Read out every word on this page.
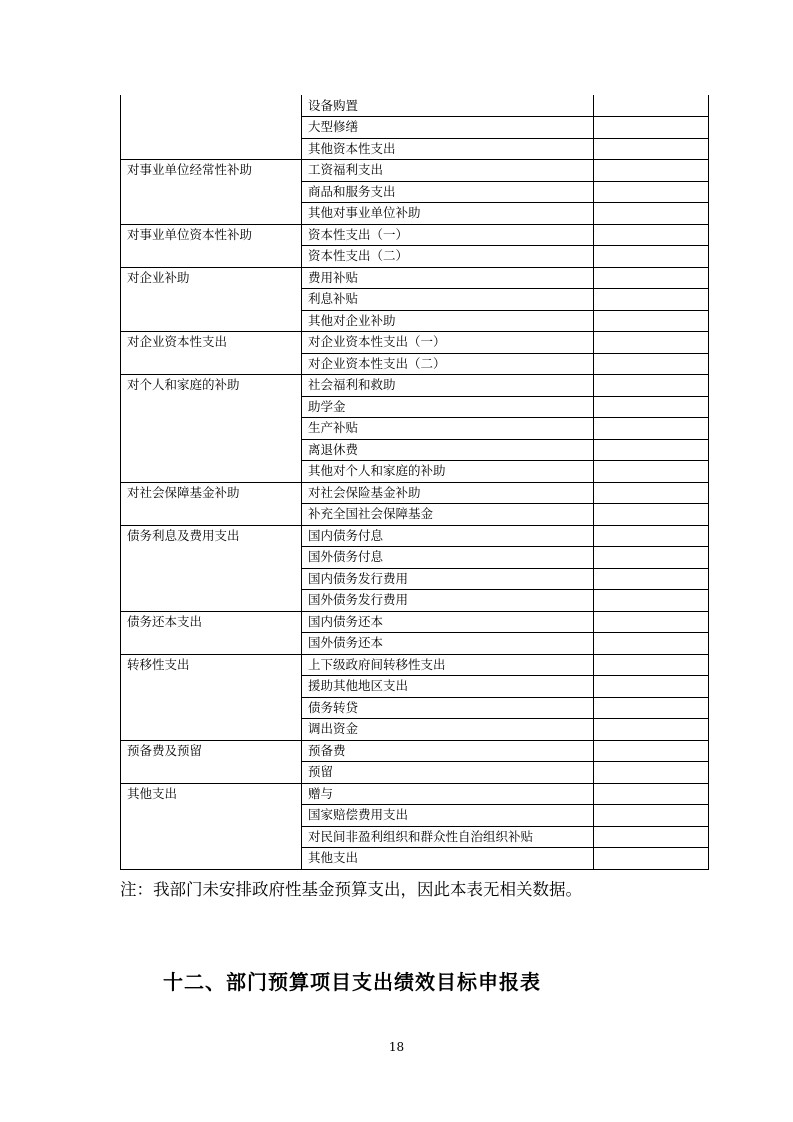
	设备购置	
	大型修缮	
	其他资本性支出	
对事业单位经常性补助	工资福利支出	
	商品和服务支出	
	其他对事业单位补助	
对事业单位资本性补助	资本性支出（一）	
	资本性支出（二）	
对企业补助	费用补贴	
	利息补贴	
	其他对企业补助	
对企业资本性支出	对企业资本性支出（一）	
	对企业资本性支出（二）	
对个人和家庭的补助	社会福利和救助	
	助学金	
	生产补贴	
	离退休费	
	其他对个人和家庭的补助	
对社会保障基金补助	对社会保险基金补助	
	补充全国社会保障基金	
债务利息及费用支出	国内债务付息	
	国外债务付息	
	国内债务发行费用	
	国外债务发行费用	
债务还本支出	国内债务还本	
	国外债务还本	
转移性支出	上下级政府间转移性支出	
	援助其他地区支出	
	债务转贷	
	调出资金	
预备费及预留	预备费	
	预留	
其他支出	赠与	
	国家赔偿费用支出	
	对民间非盈利组织和群众性自治组织补贴	
	其他支出	
注：我部门未安排政府性基金预算支出，因此本表无相关数据。
十二、部门预算项目支出绩效目标申报表
18
